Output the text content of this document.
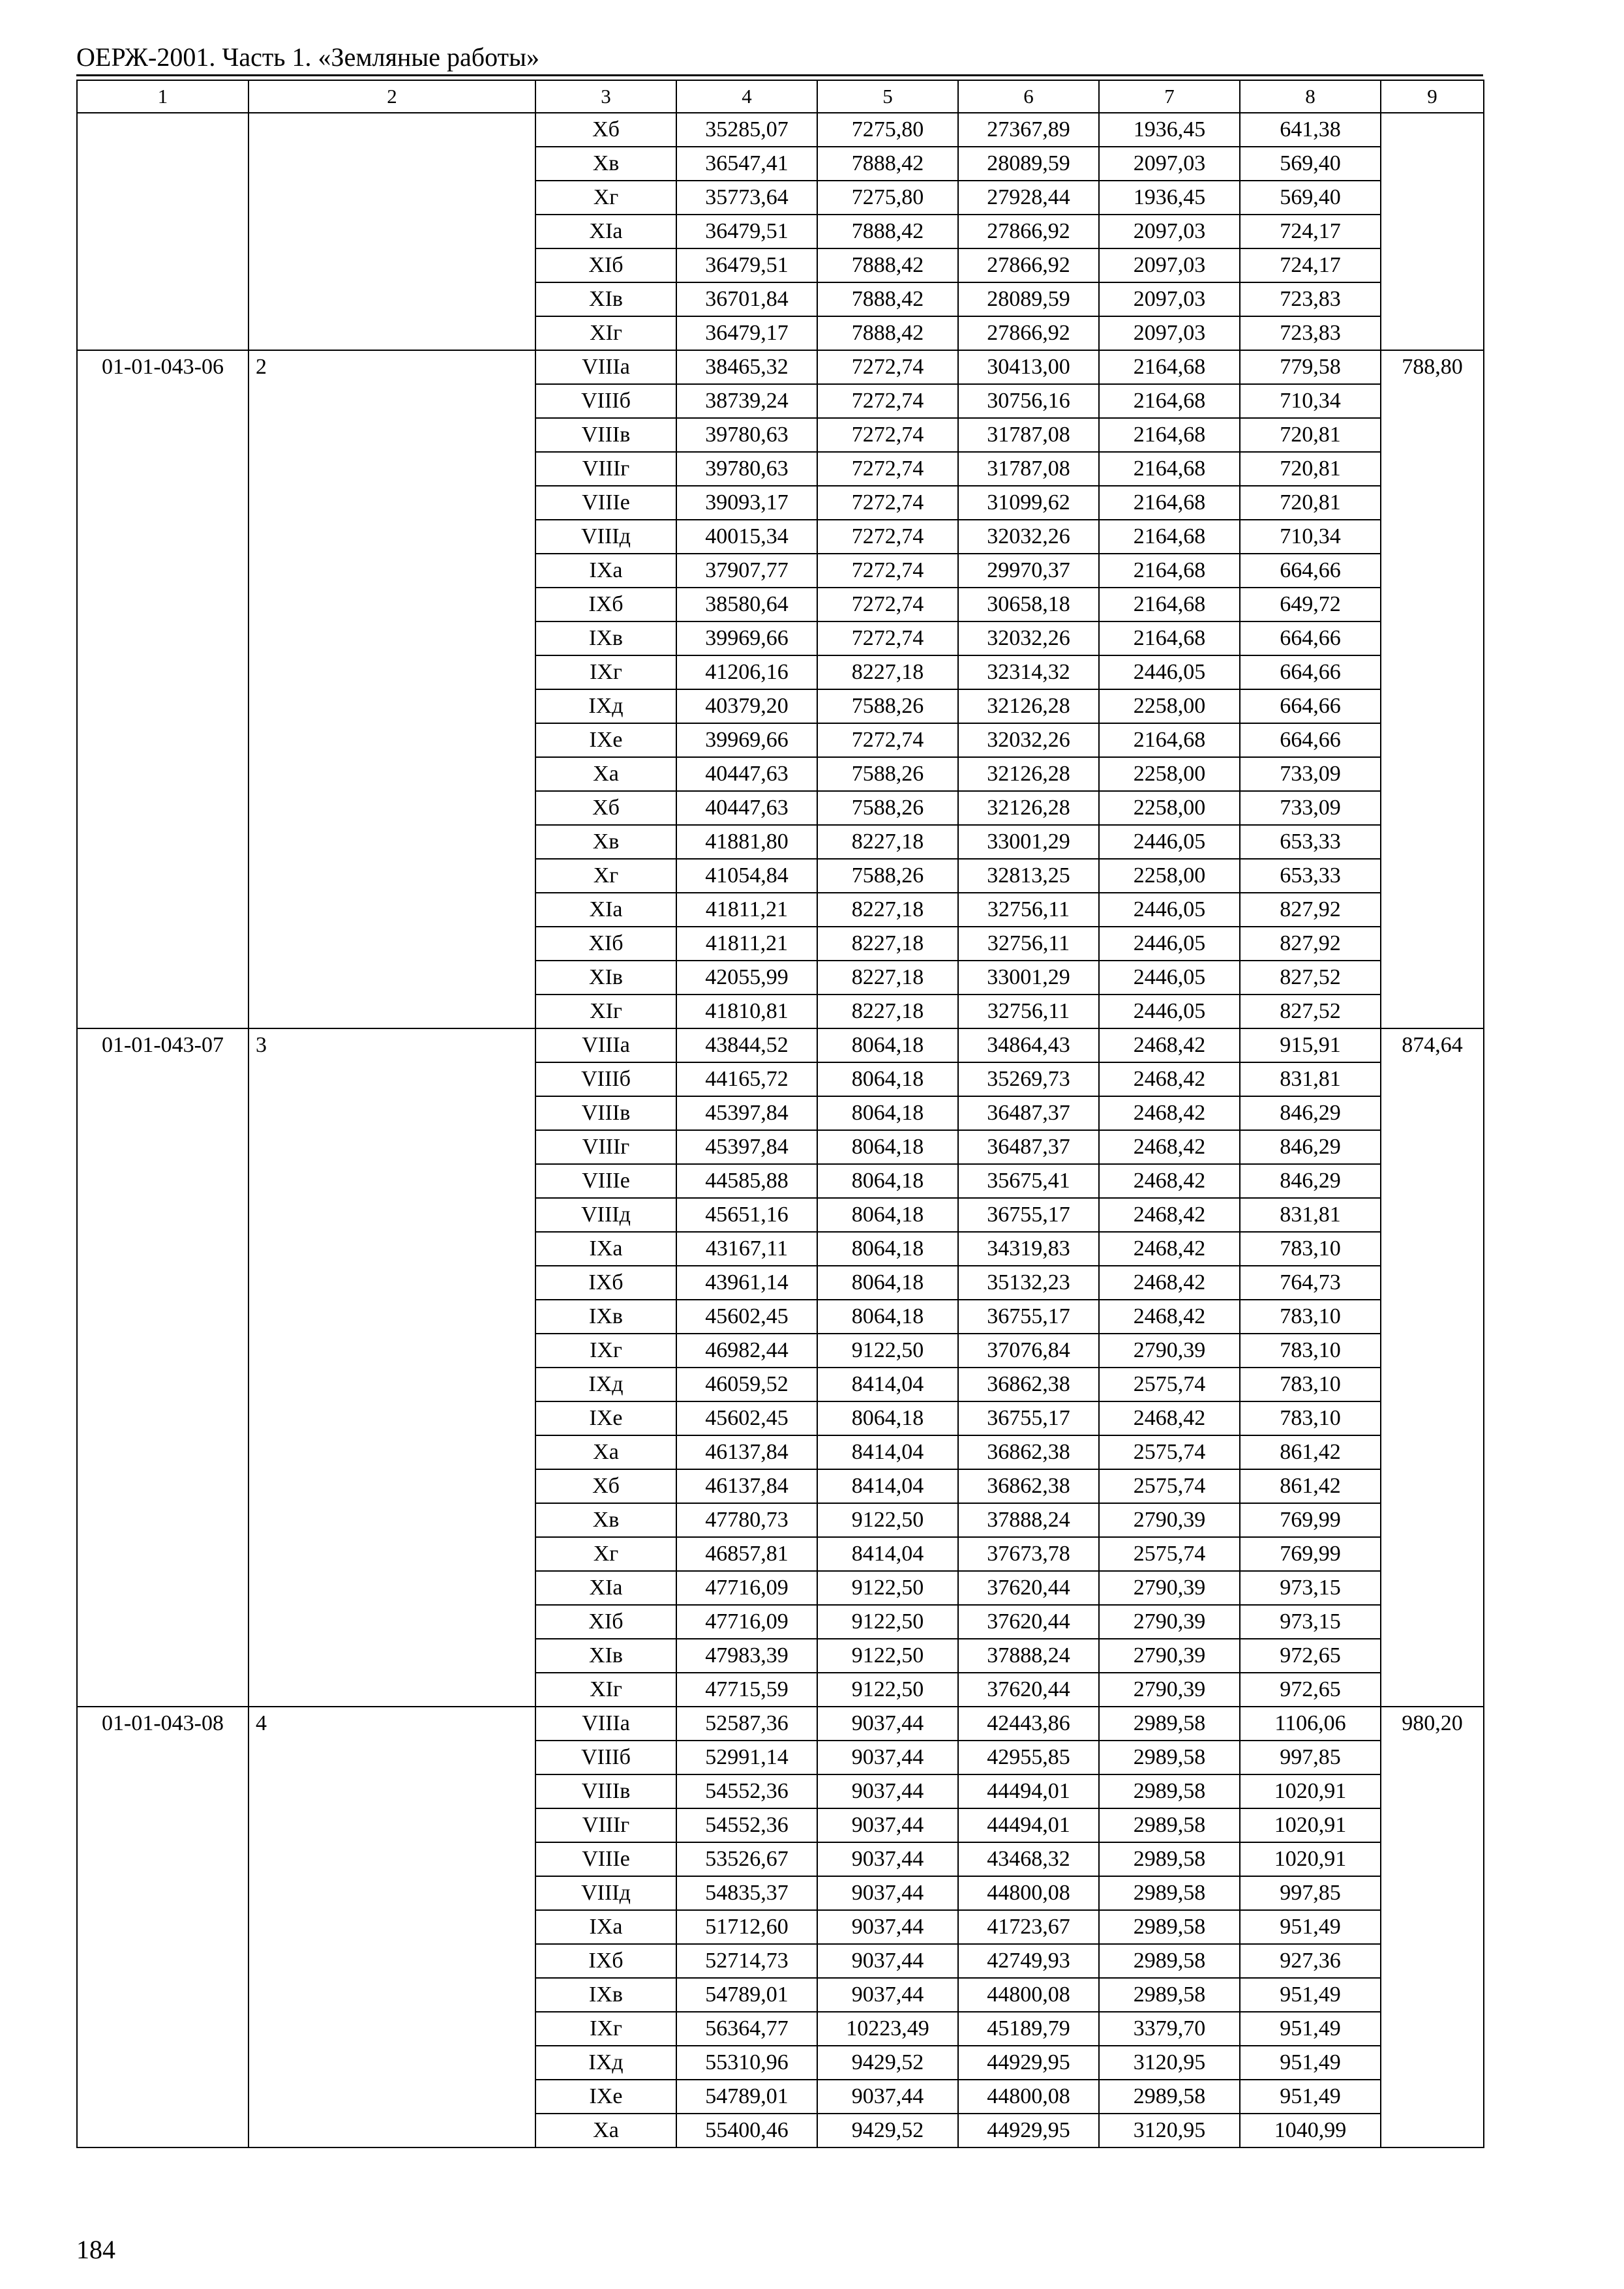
ОЕРЖ-2001. Часть 1. «Земляные работы»
1	2	3	4	5	6	7	8	9
		Хб	35285,07	7275,80	27367,89	1936,45	641,38	
		Хв	36547,41	7888,42	28089,59	2097,03	569,40	
		Хг	35773,64	7275,80	27928,44	1936,45	569,40	
		XIа	36479,51	7888,42	27866,92	2097,03	724,17	
		XIб	36479,51	7888,42	27866,92	2097,03	724,17	
		XIв	36701,84	7888,42	28089,59	2097,03	723,83	
		XIг	36479,17	7888,42	27866,92	2097,03	723,83	
01-01-043-06	2	VIIIа	38465,32	7272,74	30413,00	2164,68	779,58	788,80
		VIIIб	38739,24	7272,74	30756,16	2164,68	710,34	
		VIIIв	39780,63	7272,74	31787,08	2164,68	720,81	
		VIIIг	39780,63	7272,74	31787,08	2164,68	720,81	
		VIIIе	39093,17	7272,74	31099,62	2164,68	720,81	
		VIIIд	40015,34	7272,74	32032,26	2164,68	710,34	
		IХа	37907,77	7272,74	29970,37	2164,68	664,66	
		IХб	38580,64	7272,74	30658,18	2164,68	649,72	
		IХв	39969,66	7272,74	32032,26	2164,68	664,66	
		IХг	41206,16	8227,18	32314,32	2446,05	664,66	
		IХд	40379,20	7588,26	32126,28	2258,00	664,66	
		IХе	39969,66	7272,74	32032,26	2164,68	664,66	
		Ха	40447,63	7588,26	32126,28	2258,00	733,09	
		Хб	40447,63	7588,26	32126,28	2258,00	733,09	
		Хв	41881,80	8227,18	33001,29	2446,05	653,33	
		Хг	41054,84	7588,26	32813,25	2258,00	653,33	
		XIа	41811,21	8227,18	32756,11	2446,05	827,92	
		XIб	41811,21	8227,18	32756,11	2446,05	827,92	
		XIв	42055,99	8227,18	33001,29	2446,05	827,52	
		XIг	41810,81	8227,18	32756,11	2446,05	827,52	
01-01-043-07	3	VIIIа	43844,52	8064,18	34864,43	2468,42	915,91	874,64
		VIIIб	44165,72	8064,18	35269,73	2468,42	831,81	
		VIIIв	45397,84	8064,18	36487,37	2468,42	846,29	
		VIIIг	45397,84	8064,18	36487,37	2468,42	846,29	
		VIIIе	44585,88	8064,18	35675,41	2468,42	846,29	
		VIIIд	45651,16	8064,18	36755,17	2468,42	831,81	
		IХа	43167,11	8064,18	34319,83	2468,42	783,10	
		IХб	43961,14	8064,18	35132,23	2468,42	764,73	
		IХв	45602,45	8064,18	36755,17	2468,42	783,10	
		IХг	46982,44	9122,50	37076,84	2790,39	783,10	
		IХд	46059,52	8414,04	36862,38	2575,74	783,10	
		IХе	45602,45	8064,18	36755,17	2468,42	783,10	
		Ха	46137,84	8414,04	36862,38	2575,74	861,42	
		Хб	46137,84	8414,04	36862,38	2575,74	861,42	
		Хв	47780,73	9122,50	37888,24	2790,39	769,99	
		Хг	46857,81	8414,04	37673,78	2575,74	769,99	
		XIа	47716,09	9122,50	37620,44	2790,39	973,15	
		XIб	47716,09	9122,50	37620,44	2790,39	973,15	
		XIв	47983,39	9122,50	37888,24	2790,39	972,65	
		XIг	47715,59	9122,50	37620,44	2790,39	972,65	
01-01-043-08	4	VIIIа	52587,36	9037,44	42443,86	2989,58	1106,06	980,20
		VIIIб	52991,14	9037,44	42955,85	2989,58	997,85	
		VIIIв	54552,36	9037,44	44494,01	2989,58	1020,91	
		VIIIг	54552,36	9037,44	44494,01	2989,58	1020,91	
		VIIIе	53526,67	9037,44	43468,32	2989,58	1020,91	
		VIIIд	54835,37	9037,44	44800,08	2989,58	997,85	
		IХа	51712,60	9037,44	41723,67	2989,58	951,49	
		IХб	52714,73	9037,44	42749,93	2989,58	927,36	
		IХв	54789,01	9037,44	44800,08	2989,58	951,49	
		IХг	56364,77	10223,49	45189,79	3379,70	951,49	
		IХд	55310,96	9429,52	44929,95	3120,95	951,49	
		IХе	54789,01	9037,44	44800,08	2989,58	951,49	
		Ха	55400,46	9429,52	44929,95	3120,95	1040,99	
184
